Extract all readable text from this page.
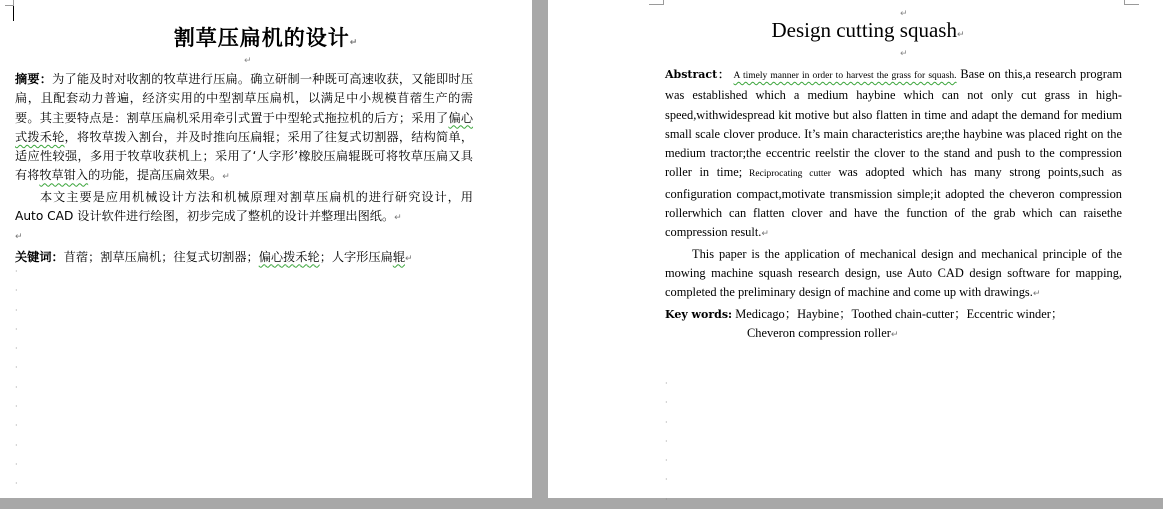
割草压扁机的设计↵
↵
摘要：为了能及时对收割的牧草进行压扁。确立研制一种既可高速收获，又能即时压扁，且配套动力普遍，经济实用的中型割草压扁机，以满足中小规模苜蓿生产的需要。其主要特点是：割草压扁机采用牵引式置于中型轮式拖拉机的后方；采用了偏心式拨禾轮，将牧草拨入割台，并及时推向压扁辊；采用了往复式切割器，结构简单，适应性较强，多用于牧草收获机上；采用了‘人字形’橡胶压扁辊既可将牧草压扁又具有将牧草钳入的功能，提高压扁效果。↵
本文主要是应用机械设计方法和机械原理对割草压扁机的进行研究设计，用 Auto CAD 设计软件进行绘图，初步完成了整机的设计并整理出图纸。↵
↵
关键词：苜蓿；割草压扁机；往复式切割器；偏心拨禾轮；人字形压扁辊↵
·
·
·
·
·
·
·
·
·
·
·
·
↵
Design cutting squash↵
↵
Abstract： A timely manner in order to harvest the grass for squash. Base on this,a research program was established which a medium haybine which can not only cut grass in high-speed,withwidespread kit motive but also flatten in time and adapt the demand for medium small scale clover produce. It’s main characteristics are;the haybine was placed right on the medium tractor;the eccentric reelstir the clover to the stand and push to the compression roller in time; Reciprocating cutter was adopted which has many strong points,such as configuration compact,motivate transmission simple;it adopted the cheveron compression rollerwhich can flatten clover and have the function of the grab which can raisethe compression result.↵
This paper is the application of mechanical design and mechanical principle of the mowing machine squash research design, use Auto CAD design software for mapping, completed the preliminary design of machine and come up with drawings.↵
Key words: Medicago；Haybine；Toothed chain-cutter；Eccentric winder；
Cheveron compression roller↵
·
·
·
·
·
·
·
